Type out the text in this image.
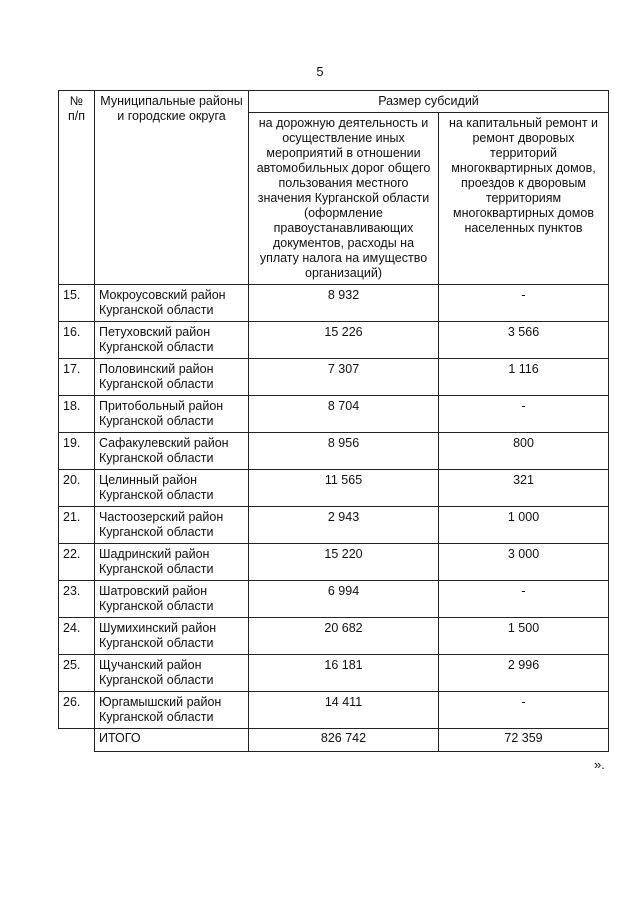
5
№ п/п	Муниципальные районы и городские округа	Размер субсидий	
		на дорожную деятельность и осуществление иных мероприятий в отношении автомобильных дорог общего пользования местного значения Курганской области (оформление правоустанавливающих документов, расходы на уплату налога на имущество организаций)	на капитальный ремонт и ремонт дворовых территорий многоквартирных домов, проездов к дворовым территориям многоквартирных домов населенных пунктов
15.	Мокроусовский район Курганской области	8 932	-
16.	Петуховский район Курганской области	15 226	3 566
17.	Половинский район Курганской области	7 307	1 116
18.	Притобольный район Курганской области	8 704	-
19.	Сафакулевский район Курганской области	8 956	800
20.	Целинный район Курганской области	11 565	321
21.	Частоозерский район Курганской области	2 943	1 000
22.	Шадринский район Курганской области	15 220	3 000
23.	Шатровский район Курганской области	6 994	-
24.	Шумихинский район Курганской области	20 682	1 500
25.	Щучанский район Курганской области	16 181	2 996
26.	Юргамышский район Курганской области	14 411	-
	ИТОГО	826 742	72 359
».
